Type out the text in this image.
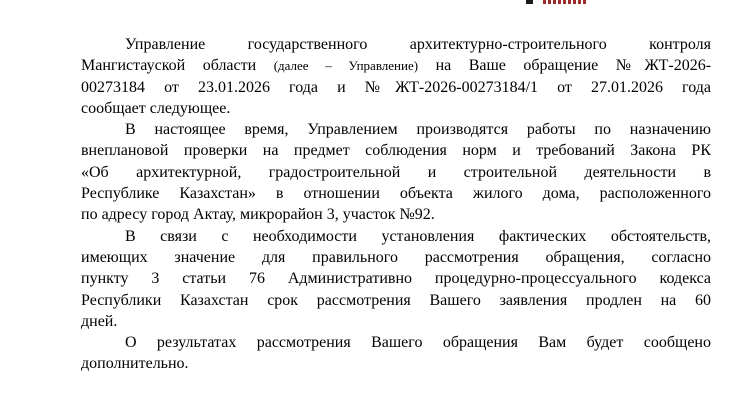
Управление государственного архитектурно-строительного контроля
Мангистауской области (далее – Управление) на Ваше обращение №ЖТ-2026-
00273184 от 23.01.2026 года и №ЖТ-2026-00273184/1 от 27.01.2026 года
сообщает следующее.
В настоящее время, Управлением производятся работы по назначению
внеплановой проверки на предмет соблюдения норм и требований Закона РК
«Об архитектурной, градостроительной и строительной деятельности в
Республике Казахстан» в отношении объекта жилого дома, расположенного
по адресу город Актау, микрорайон 3, участок №92.
В связи с необходимости установления фактических обстоятельств,
имеющих значение для правильного рассмотрения обращения, согласно
пункту 3 статьи 76 Административно процедурно-процессуального кодекса
Республики Казахстан срок рассмотрения Вашего заявления продлен на 60
дней.
О результатах рассмотрения Вашего обращения Вам будет сообщено
дополнительно.
